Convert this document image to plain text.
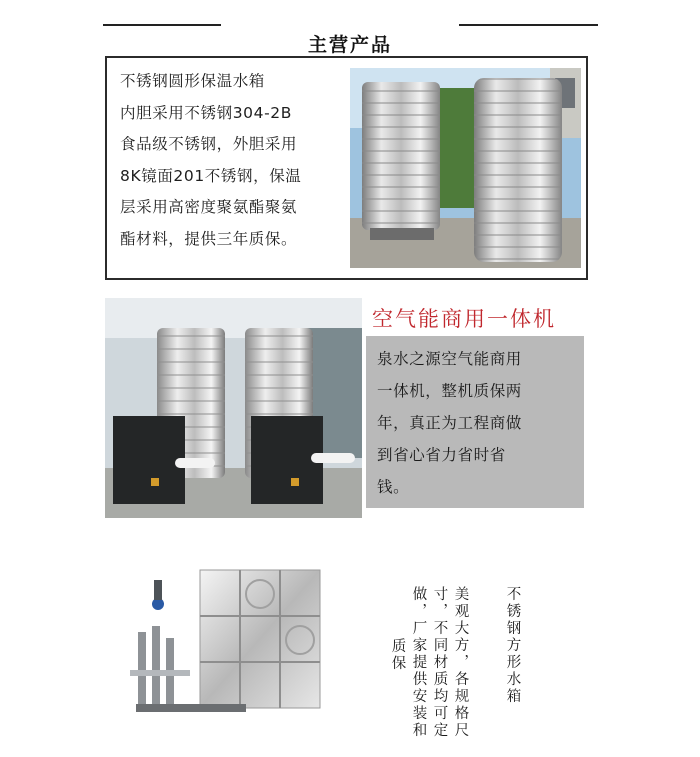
主营产品
不锈钢圆形保温水箱
内胆采用不锈钢304-2B
食品级不锈钢，外胆采用
8K镜面201不锈钢，保温
层采用高密度聚氨酯聚氨
酯材料，提供三年质保。
空气能商用一体机
泉水之源空气能商用
一体机，整机质保两
年，真正为工程商做
到省心省力省时省
钱。
不锈钢方形水箱
美观大方，各规格尺
寸，不同材质均可定
做，厂家提供安装和
质保
